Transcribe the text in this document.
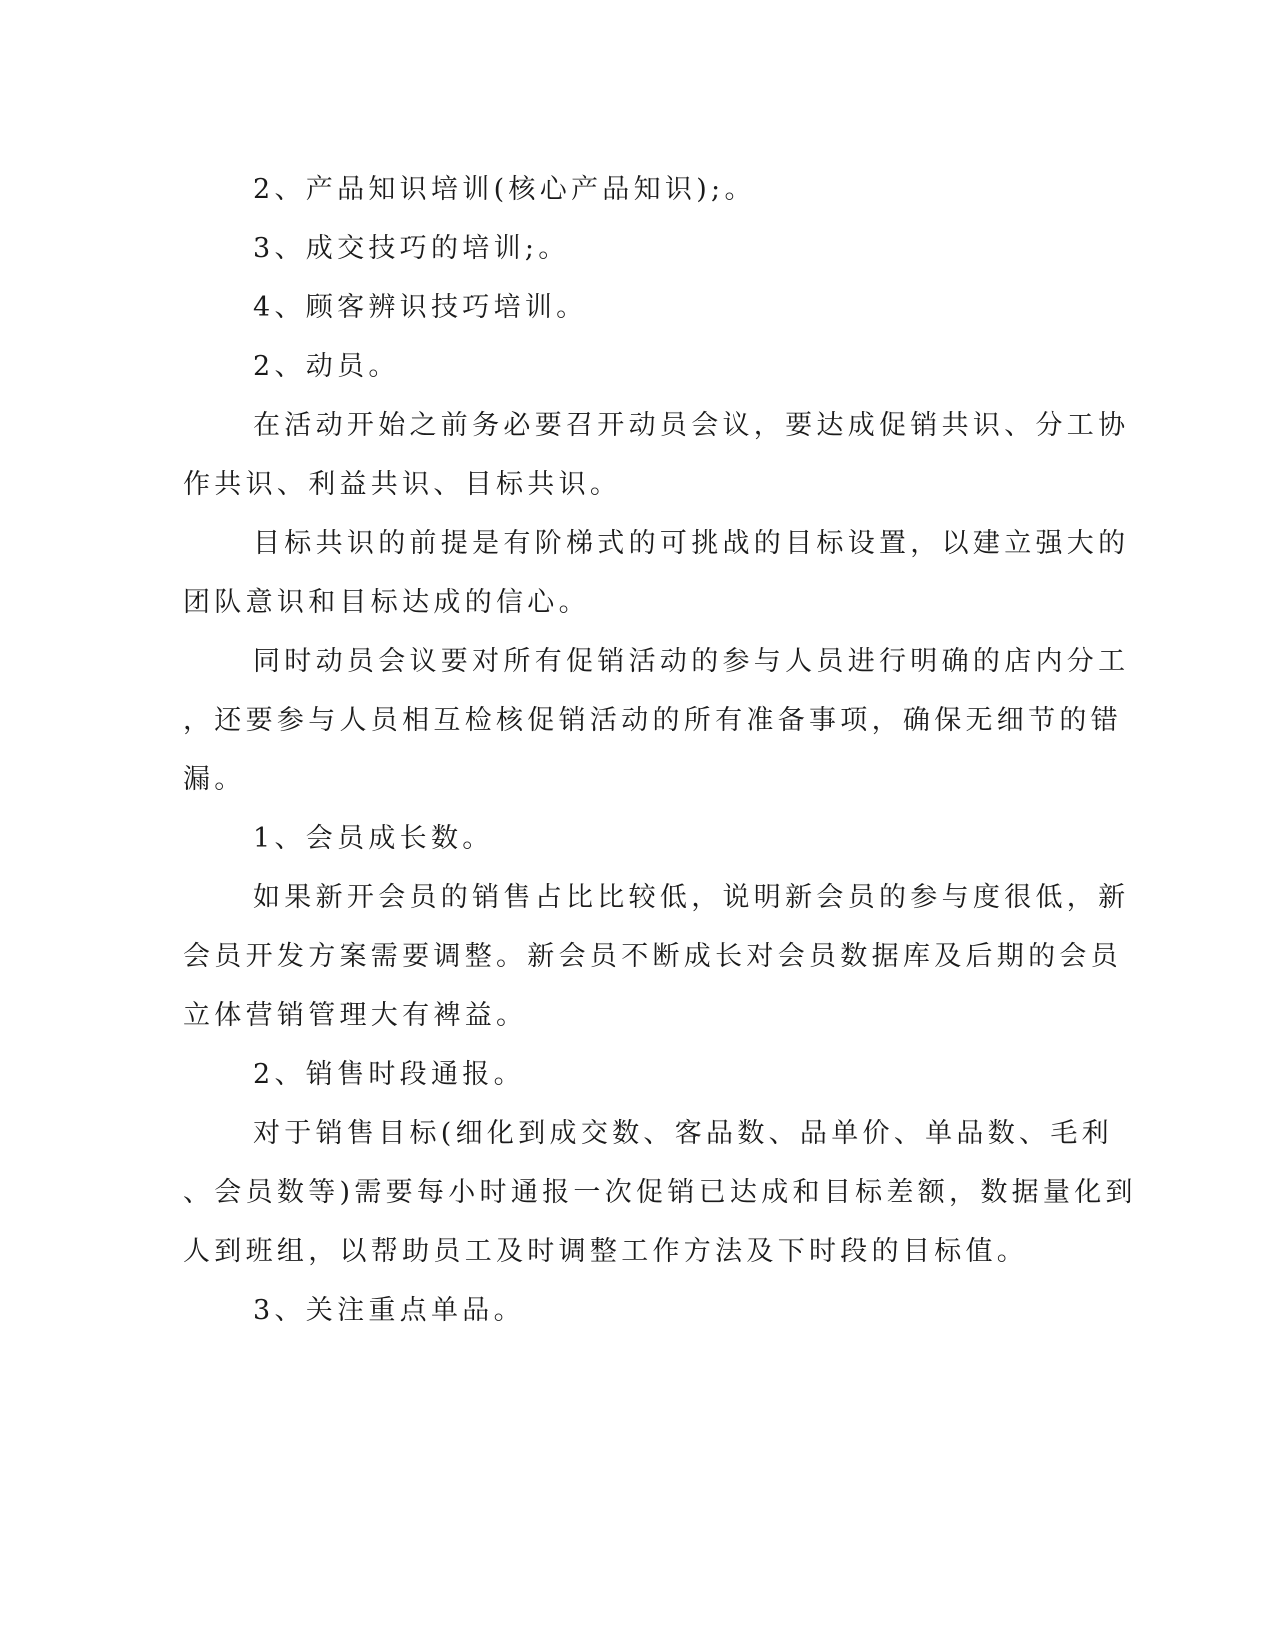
2、产品知识培训(核心产品知识);。
3、成交技巧的培训;。
4、顾客辨识技巧培训。
2、动员。
在活动开始之前务必要召开动员会议，要达成促销共识、分工协
作共识、利益共识、目标共识。
目标共识的前提是有阶梯式的可挑战的目标设置，以建立强大的
团队意识和目标达成的信心。
同时动员会议要对所有促销活动的参与人员进行明确的店内分工
，还要参与人员相互检核促销活动的所有准备事项，确保无细节的错
漏。
1、会员成长数。
如果新开会员的销售占比比较低，说明新会员的参与度很低，新
会员开发方案需要调整。新会员不断成长对会员数据库及后期的会员
立体营销管理大有裨益。
2、销售时段通报。
对于销售目标(细化到成交数、客品数、品单价、单品数、毛利
、会员数等)需要每小时通报一次促销已达成和目标差额，数据量化到
人到班组，以帮助员工及时调整工作方法及下时段的目标值。
3、关注重点单品。
